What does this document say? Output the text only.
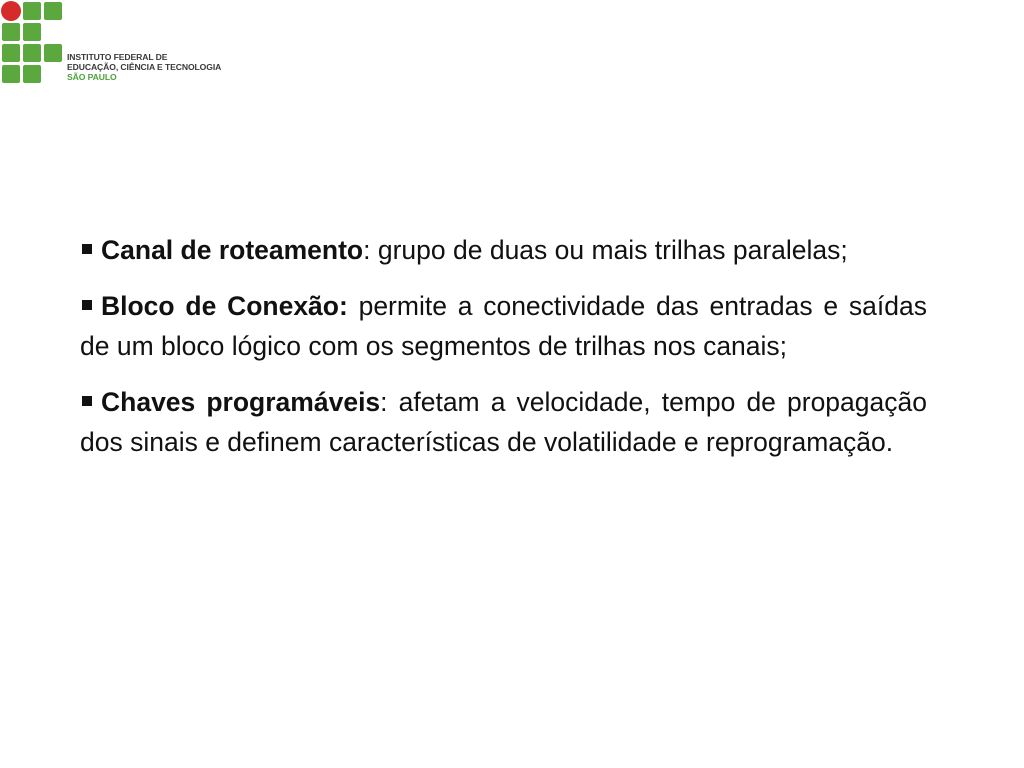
INSTITUTO FEDERAL DE
EDUCAÇÃO, CIÊNCIA E TECNOLOGIA
SÃO PAULO

Canal de roteamento: grupo de duas ou mais trilhas paralelas;

Bloco de Conexão: permite a conectividade das entradas e saídas de um bloco lógico com os segmentos de trilhas nos canais;

Chaves programáveis: afetam a velocidade, tempo de propagação dos sinais e definem características de volatilidade e reprogramação.
